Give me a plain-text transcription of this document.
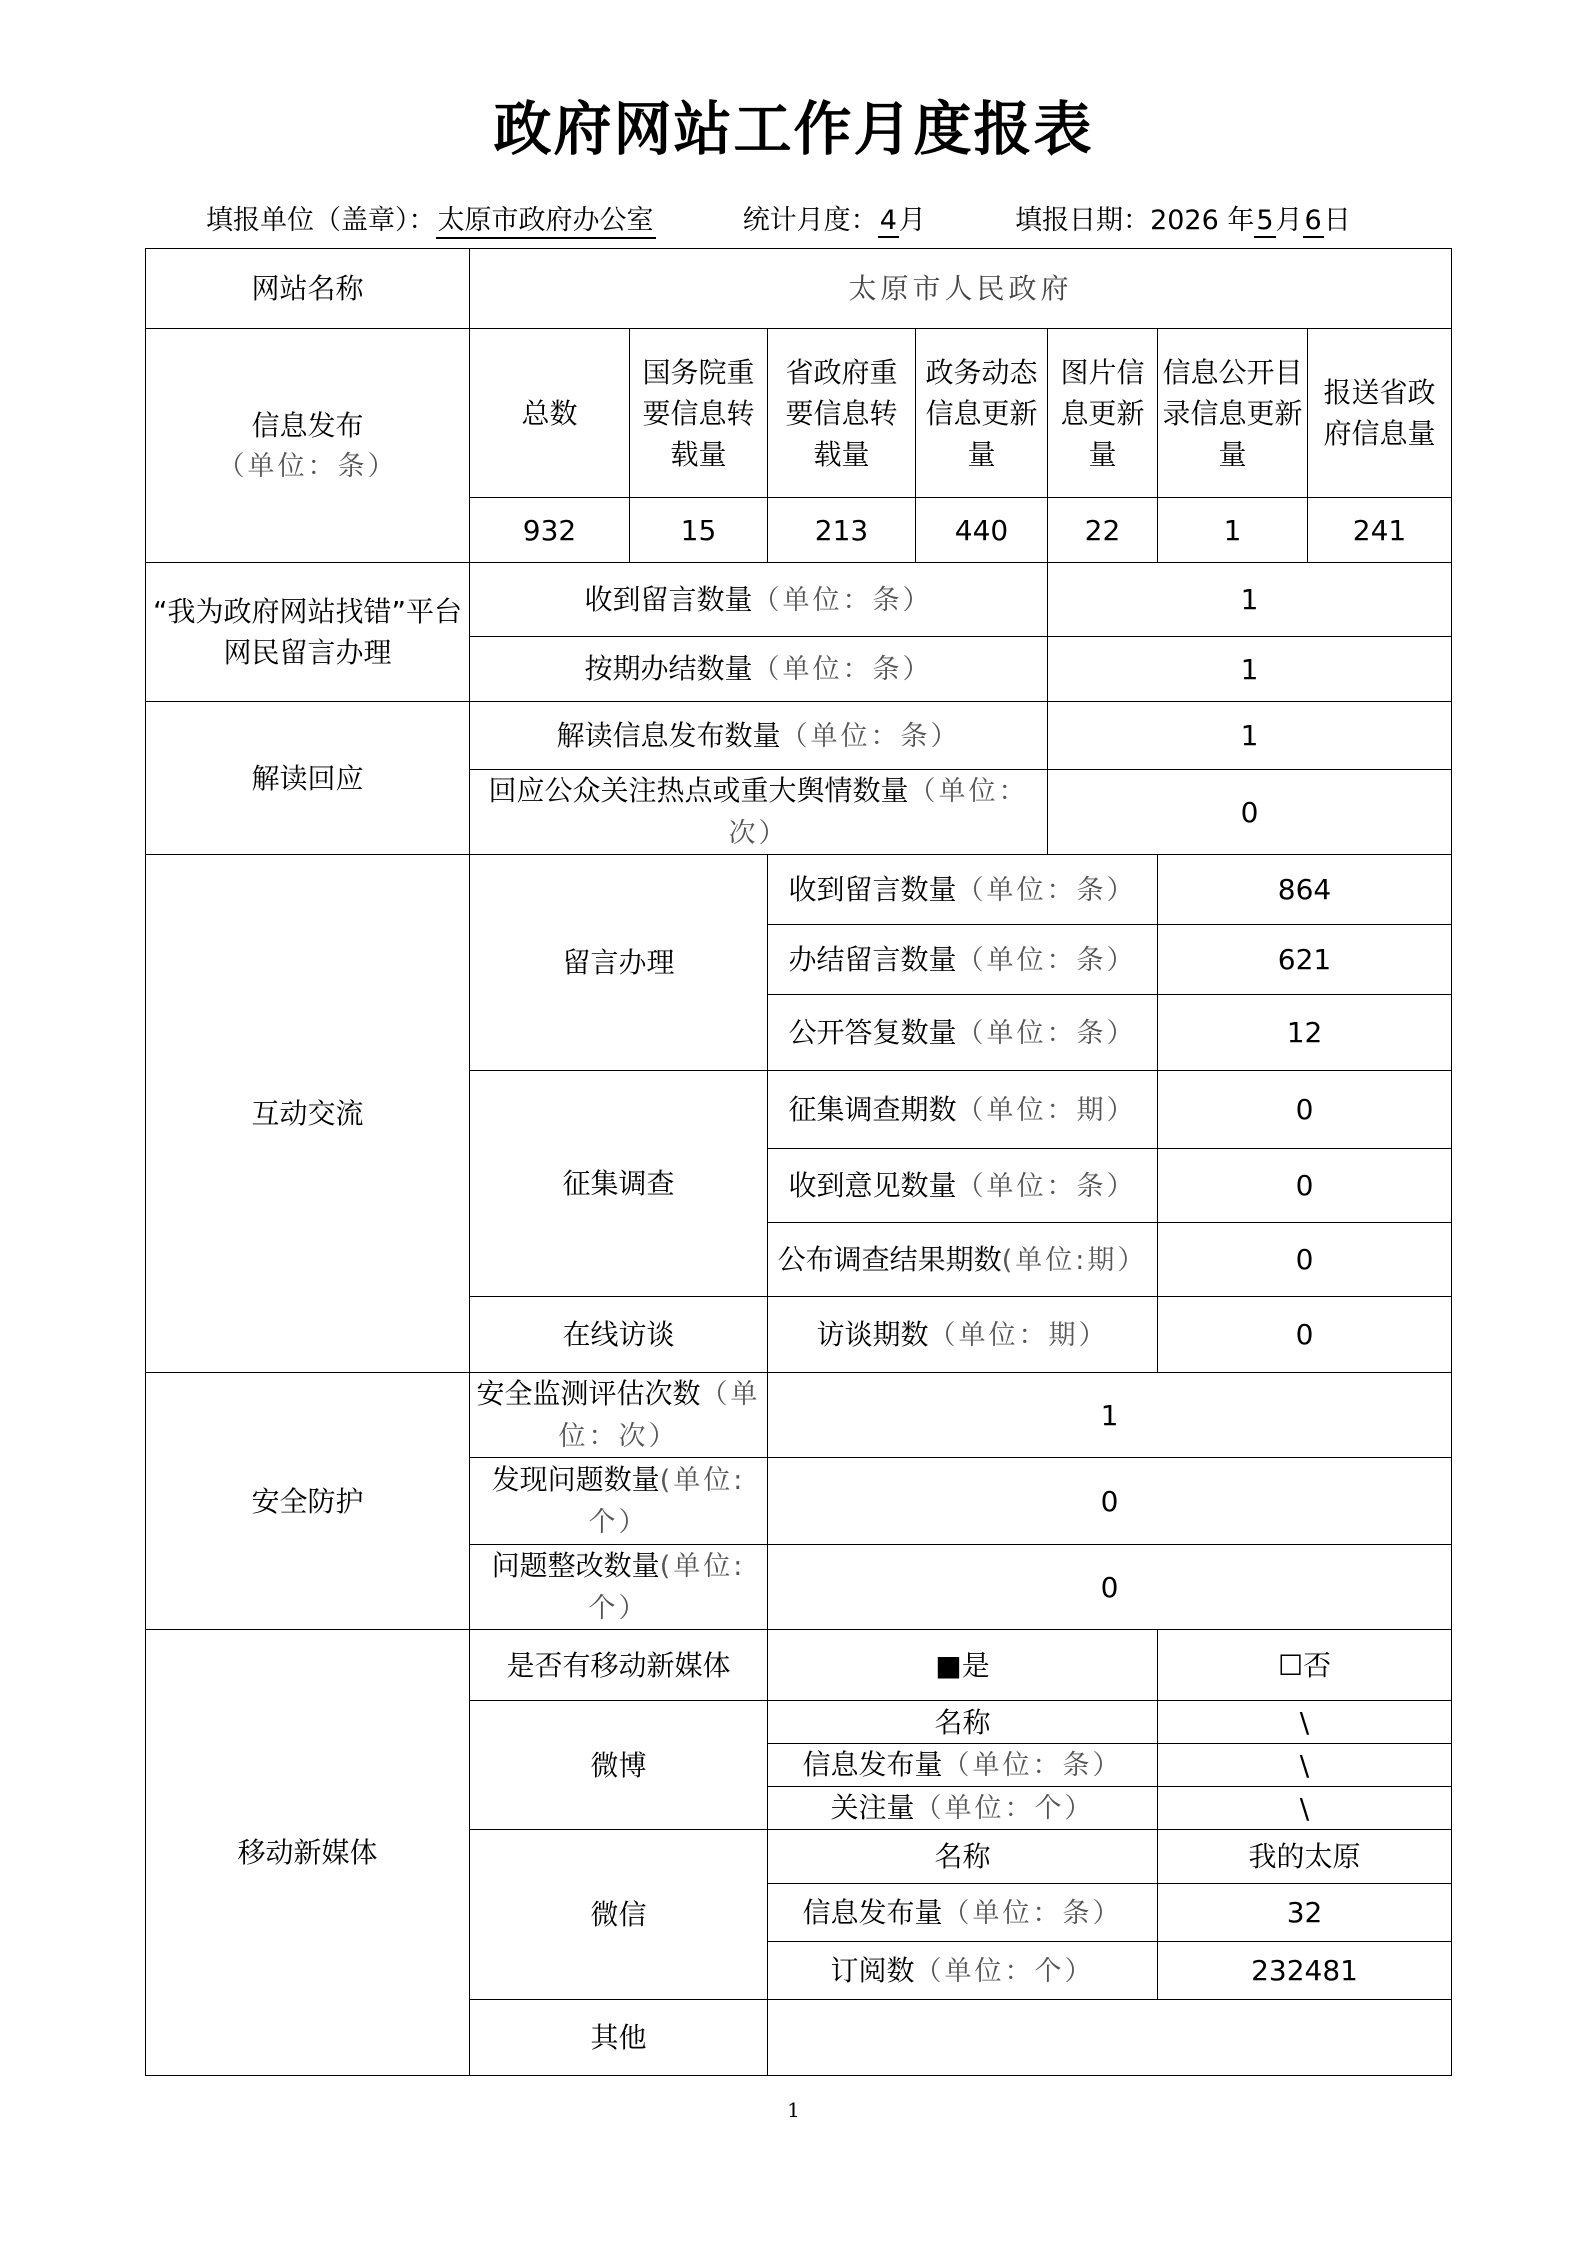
政府网站工作月度报表
填报单位（盖章）：太原市政府办公室	统计月度：4月	填报日期：2026 年5月6日
网站名称	太原市人民政府						

信息发布
（单位：条）	总数	国务院重要信息转载量	省政府重要信息转载量	政务动态信息更新量	图片信息更新量	信息公开目录信息更新量	报送省政府信息量
	932	15	213	440	22	1	241
“我为政府网站找错”平台网民留言办理	收到留言数量（单位：条）				1		
	按期办结数量（单位：条）				1		
解读回应	解读信息发布数量（单位：条）				1		
	回应公众关注热点或重大舆情数量（单位：次）				0		
互动交流	留言办理		收到留言数量（单位：条）			864	
			办结留言数量（单位：条）			621	
			公开答复数量（单位：条）			12	
	征集调查		征集调查期数（单位：期）			0	
			收到意见数量（单位：条）			0	
			公布调查结果期数(单位:期）			0	
	在线访谈		访谈期数（单位：期）			0	
安全防护	安全监测评估次数（单位：次）		1				
	发现问题数量(单位:个）		0				
	问题整改数量(单位:个）		0				
移动新媒体	是否有移动新媒体		■是			☐否	
	微博		名称			\	
			信息发布量（单位：条）			\	
			关注量（单位：个）			\	
	微信		名称			我的太原	
			信息发布量（单位：条）			32	
			订阅数（单位：个）			232481	
	其他						
1
